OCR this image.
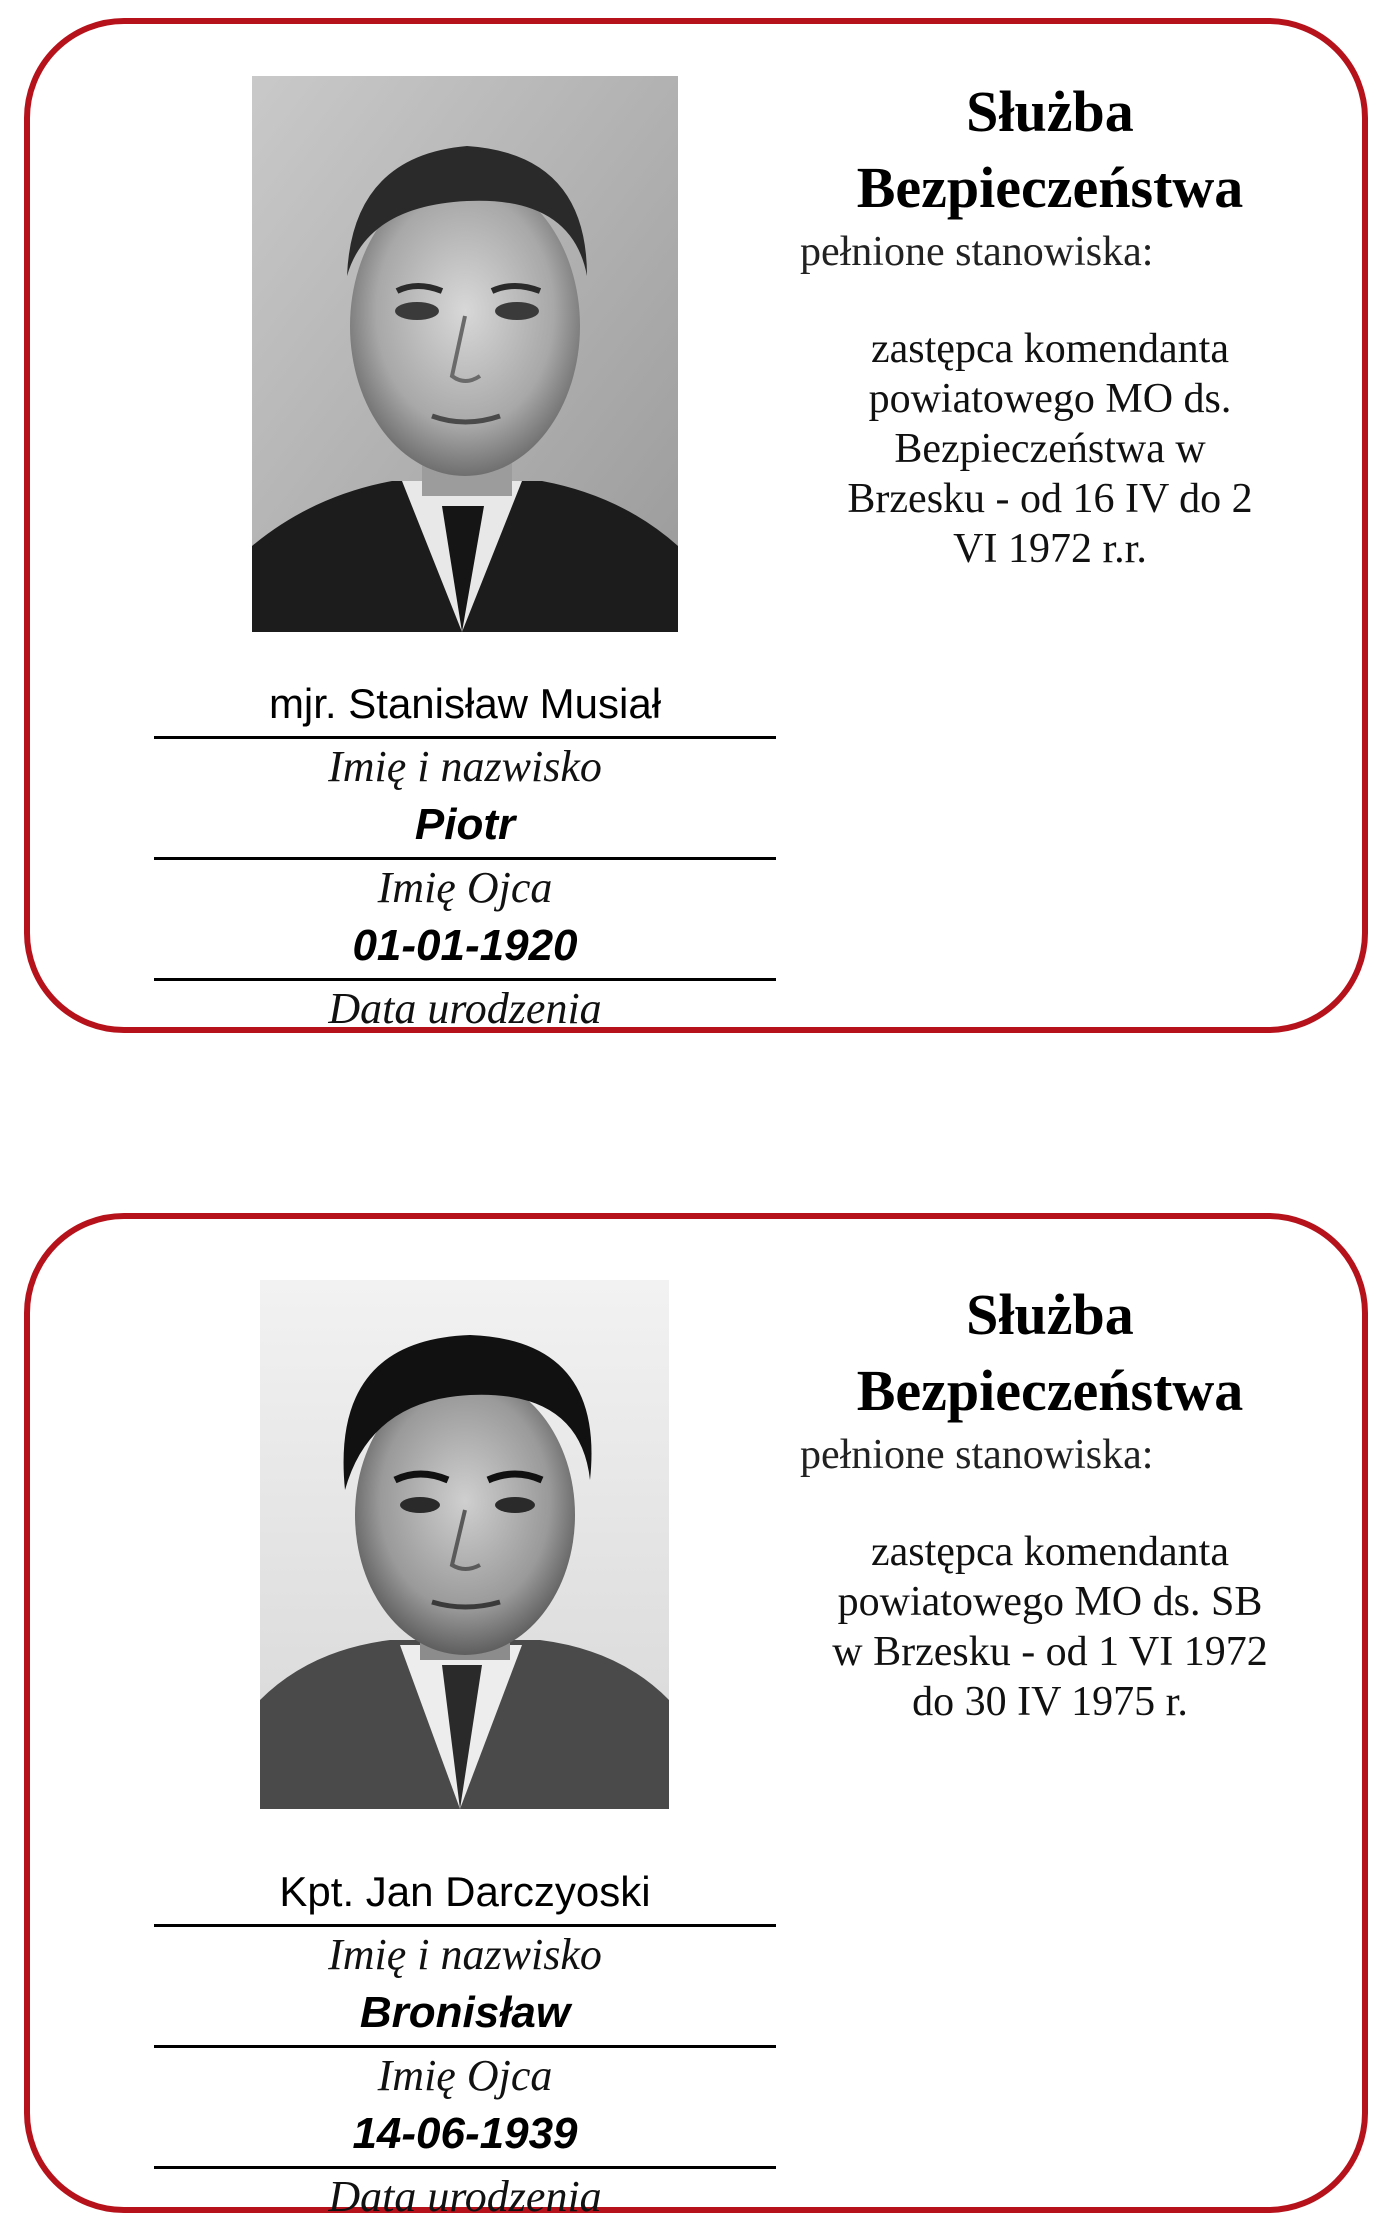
Służba

Bezpieczeństwa

pełnione stanowiska:

zastępca komendanta

powiatowego MO ds.

Bezpieczeństwa w

Brzesku - od 16 IV do 2

VI 1972 r.r.

mjr. Stanisław Musiał
Imię i nazwisko
Piotr
Imię Ojca
01-01-1920
Data urodzenia

Służba

Bezpieczeństwa

pełnione stanowiska:

zastępca komendanta

powiatowego MO ds. SB

w Brzesku - od 1 VI 1972

do 30 IV 1975 r.

Kpt. Jan Darczyoski
Imię i nazwisko
Bronisław
Imię Ojca
14-06-1939
Data urodzenia
